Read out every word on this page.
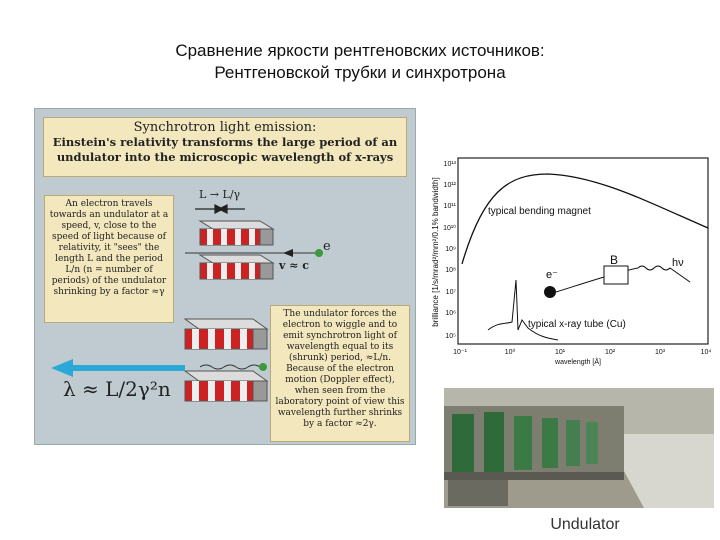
Сравнение яркости рентгеновских источников:
Рентгеновской трубки и синхротрона
Synchrotron light emission:
Einstein's relativity transforms the large period of an
undulator into the microscopic wavelength of x-rays
An electron travels towards an undulator at a speed, v, close to the speed of light because of relativity, it "sees" the length L and the period L/n (n = number of periods) of the undulator shrinking by a factor ≈γ
L → L/γ
e
v ≈ c
The undulator forces the electron to wiggle and to emit synchrotron light of wavelength equal to its (shrunk) period, ≈L/n. Because of the electron motion (Doppler effect), when seen from the laboratory point of view this wavelength further shrinks by a factor ≈2γ.
λ ≈ L/2γ²n
brilliance [1/s/mrad²/mm²/0.1% bandwidth]
10¹³
10¹²
10¹¹
10¹⁰
10⁹
10⁸
10⁷
10⁶
10⁵
10⁻¹	10⁰	10¹	10²	10³	10⁴
wavelength [Å]
typical bending magnet
typical x-ray tube (Cu)
e⁻
B	hν
Undulator
